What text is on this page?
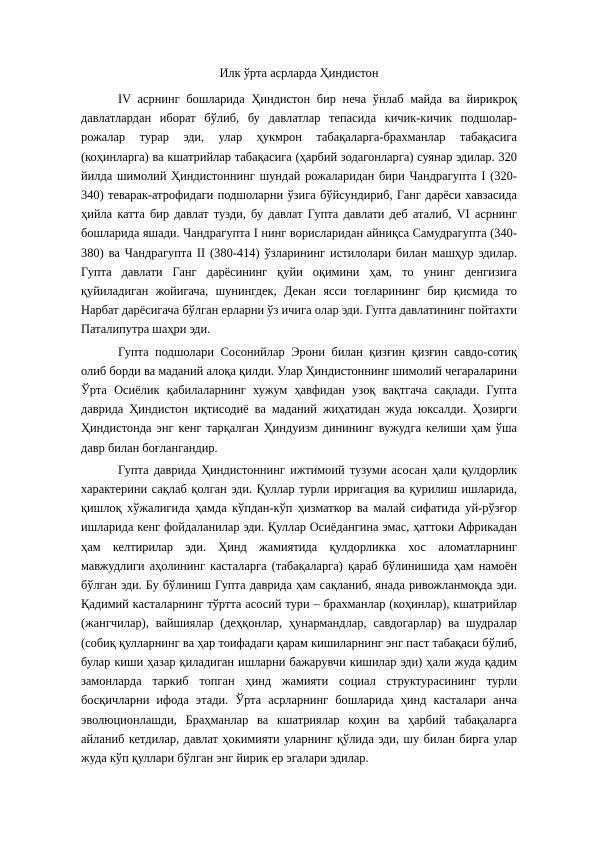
Илк ўрта асрларда Ҳиндистон

IV асрнинг бошларида Ҳиндистон бир неча ўнлаб майда ва йирикроқ давлатлардан иборат бўлиб, бу давлатлар тепасида кичик-кичик подшолар-рожалар турар эди, улар ҳукмрон табақаларга-брахманлар табақасига (коҳинларга) ва кшатрийлар табақасига (ҳарбий зодагонларга) суянар эдилар. 320 йилда шимолий Ҳиндистоннинг шундай рожаларидан бири Чандрагупта I (320-340) теварак-атрофидаги подшоларни ўзига бўйсундириб, Ганг дарёси хавзасида ҳийла катта бир давлат тузди, бу давлат Гупта давлати деб аталиб, VI асрнинг бошларида яшади. Чандрагупта I нинг ворисларидан айниқса Самудрагупта (340-380) ва Чандрагупта II (380-414) ўзларининг истилолари билан машҳур эдилар. Гупта давлати Ганг дарёсининг қуйи оқимини ҳам, то унинг денгизига қуйиладиган жойигача, шунингдек, Декан ясси тоғларининг бир қисмида то Нарбат дарёсигача бўлган ерларни ўз ичига олар эди. Гупта давлатининг пойтахти Паталипутра шаҳри эди.

Гупта подшолари Сосонийлар Эрони билан қизғин қизғин савдо-сотиқ олиб борди ва маданий алоқа қилди. Улар Ҳиндистоннинг шимолий чегараларини Ўрта Осиёлик қабилаларнинг хужум ҳавфидан узоқ вақтгача сақлади. Гупта даврида Ҳиндистон иқтисодиё ва маданий жиҳатидан жуда юксалди. Ҳозирги Ҳиндистонда энг кенг тарқалган Ҳиндуизм динининг вужудга келиши ҳам ўша давр билан боғлангандир.

Гупта даврида Ҳиндистоннинг ижтимоий тузуми асосан ҳали қулдорлик характерини сақлаб қолган эди. Қуллар турли ирригация ва қурилиш ишларида, қишлоқ хўжалигида ҳамда кўпдан-кўп ҳизматкор ва малай сифатида уй-рўзғор ишларида кенг фойдаланилар эди. Қуллар Осиёдангина эмас, ҳаттоки Африкадан ҳам келтирилар эди. Ҳинд жамиятида қулдорликка хос аломатларнинг мавжудлиги аҳолининг касталарга (табақаларга) қараб бўлинишида ҳам намоён бўлган эди. Бу бўлиниш Гупта даврида ҳам сақланиб, янада ривожланмоқда эди. Қадимий касталарнинг тўртта асосий тури – брахманлар (коҳинлар), кшатрийлар (жангчилар), вайшиялар (деҳқонлар, ҳунармандлар, савдогарлар) ва шудралар (собиқ қулларнинг ва ҳар тоифадаги қарам кишиларнинг энг паст табақаси бўлиб, булар киши ҳазар қиладиган ишларни бажарувчи кишилар эди) ҳали жуда қадим замонларда таркиб топган ҳинд жамияти социал структурасининг турли босқичларни ифода этади. Ўрта асрларнинг бошларида ҳинд касталари анча эволюционлашди, Браҳманлар ва кшатриялар коҳин ва ҳарбий табақаларга айланиб кетдилар, давлат ҳокимияти уларнинг қўлида эди, шу билан бирга улар жуда кўп қуллари бўлган энг йирик ер эгалари эдилар.
